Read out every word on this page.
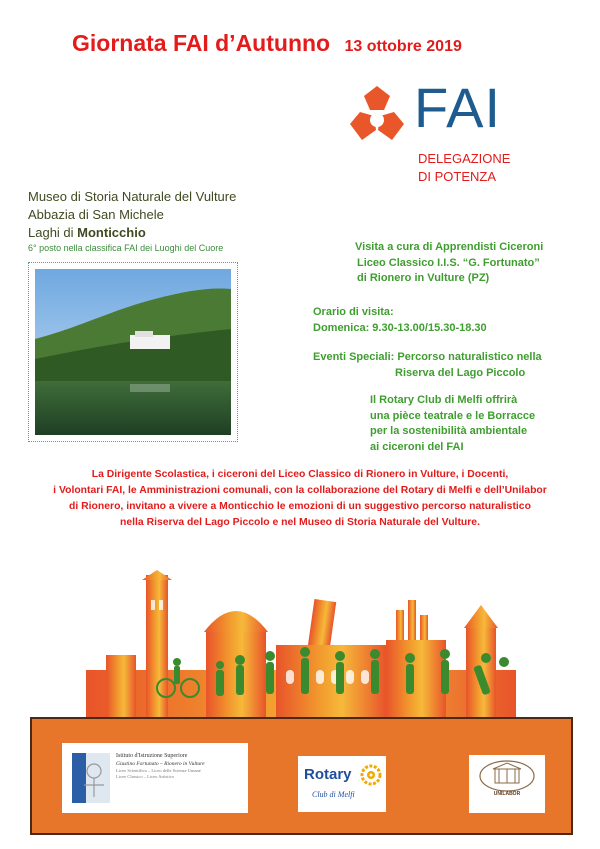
Giornata FAI d’Autunno 13 ottobre 2019
FAI
DELEGAZIONE
DI POTENZA
Museo di Storia Naturale del Vulture
Abbazia di San Michele
Laghi di Monticchio
6° posto nella classifica FAI dei Luoghi del Cuore	Visita a cura di Apprendisti Ciceroni
Liceo Classico I.I.S. “G. Fortunato”
di Rionero in Vulture (PZ)
Orario di visita:
Domenica: 9.30-13.00/15.30-18.30
Eventi Speciali: Percorso naturalistico nella
Riserva del Lago Piccolo
Il Rotary Club di Melfi offrirà
una pièce teatrale e le Borracce
per la sostenibilità ambientale
ai ciceroni del FAI
La Dirigente Scolastica, i ciceroni del Liceo Classico di Rionero in Vulture, i Docenti,
i Volontari FAI, le Amministrazioni comunali, con la collaborazione del Rotary di Melfi e dell’Unilabor
di Rionero, invitano a vivere a Monticchio le emozioni di un suggestivo percorso naturalistico
nella Riserva del Lago Piccolo e nel Museo di Storia Naturale del Vulture.
Istituto d'Istruzione Superiore
Giustino Fortunato – Rionero in Vulture
Liceo Scientifico – Liceo delle Scienze Umane
Liceo Classico – Liceo Artistico	Rotary
Club di Melfi	UNILABOR
